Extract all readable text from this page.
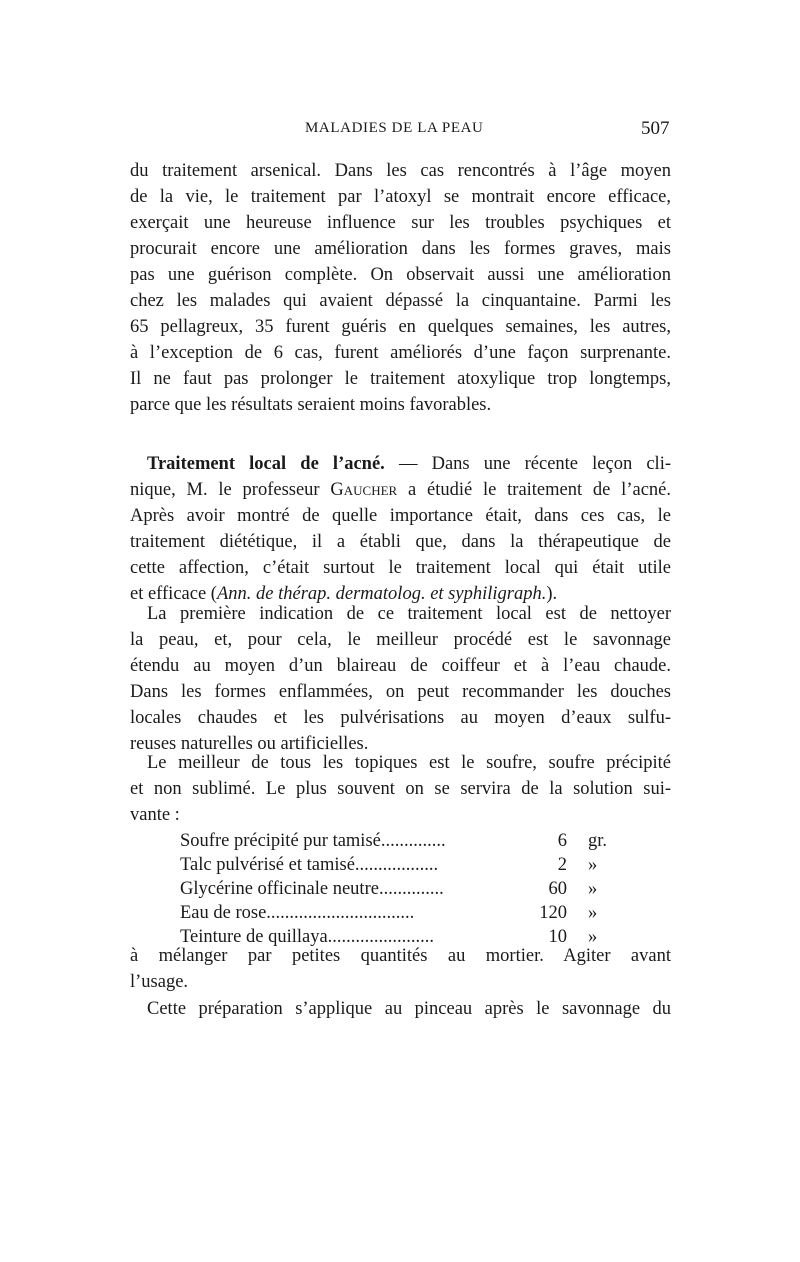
MALADIES DE LA PEAU	507
du traitement arsenical. Dans les cas rencontrés à l’âge moyen
de la vie, le traitement par l’atoxyl se montrait encore efficace,
exerçait une heureuse influence sur les troubles psychiques et
procurait encore une amélioration dans les formes graves, mais
pas une guérison complète. On observait aussi une amélioration
chez les malades qui avaient dépassé la cinquantaine. Parmi les
65 pellagreux, 35 furent guéris en quelques semaines, les autres,
à l’exception de 6 cas, furent améliorés d’une façon surprenante.
Il ne faut pas prolonger le traitement atoxylique trop longtemps,
parce que les résultats seraient moins favorables.
Traitement local de l’acné. — Dans une récente leçon cli-
nique, M. le professeur Gaucher a étudié le traitement de l’acné.
Après avoir montré de quelle importance était, dans ces cas, le
traitement diététique, il a établi que, dans la thérapeutique de
cette affection, c’était surtout le traitement local qui était utile
et efficace (Ann. de thérap. dermatolog. et syphiligraph.).
La première indication de ce traitement local est de nettoyer
la peau, et, pour cela, le meilleur procédé est le savonnage
étendu au moyen d’un blaireau de coiffeur et à l’eau chaude.
Dans les formes enflammées, on peut recommander les douches
locales chaudes et les pulvérisations au moyen d’eaux sulfu-
reuses naturelles ou artificielles.
Le meilleur de tous les topiques est le soufre, soufre précipité
et non sublimé. Le plus souvent on se servira de la solution sui-
vante :
Soufre précipité pur tamisé..............	6 gr.
Talc pulvérisé et tamisé..................	2 »
Glycérine officinale neutre..............	60 »
Eau de rose................................	120 »
Teinture de quillaya.......................	10 »
à mélanger par petites quantités au mortier. Agiter avant
l’usage.
Cette préparation s’applique au pinceau après le savonnage du
